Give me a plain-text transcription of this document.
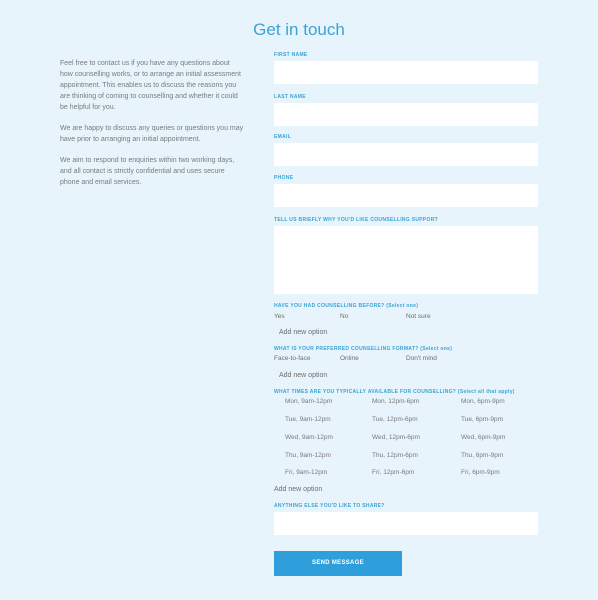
Get in touch

Feel free to contact us if you have any questions about how counselling works, or to arrange an initial assessment appointment. This enables us to discuss the reasons you are thinking of coming to counselling and whether it could be helpful for you.

We are happy to discuss any queries or questions you may have prior to arranging an initial appointment.

We aim to respond to enquiries within two working days, and all contact is strictly confidential and uses secure phone and email services.

FIRST NAME
LAST NAME
EMAIL
PHONE
TELL US BRIEFLY WHY YOU'D LIKE COUNSELLING SUPPORT
HAVE YOU HAD COUNSELLING BEFORE? (Select one)
Yes	No	Not sure
Add new option
WHAT IS YOUR PREFERRED COUNSELLING FORMAT? (Select one)
Face-to-face	Online	Don't mind
Add new option
WHAT TIMES ARE YOU TYPICALLY AVAILABLE FOR COUNSELLING? (Select all that apply)
Mon, 9am-12pm	Mon, 12pm-6pm	Mon, 6pm-9pm
Tue, 9am-12pm	Tue, 12pm-6pm	Tue, 6pm-9pm
Wed, 9am-12pm	Wed, 12pm-6pm	Wed, 6pm-9pm
Thu, 9am-12pm	Thu, 12pm-6pm	Thu, 6pm-9pm
Fri, 9am-12pm	Fri, 12pm-6pm	Fri, 6pm-9pm
Add new option
ANYTHING ELSE YOU'D LIKE TO SHARE?
SEND MESSAGE
